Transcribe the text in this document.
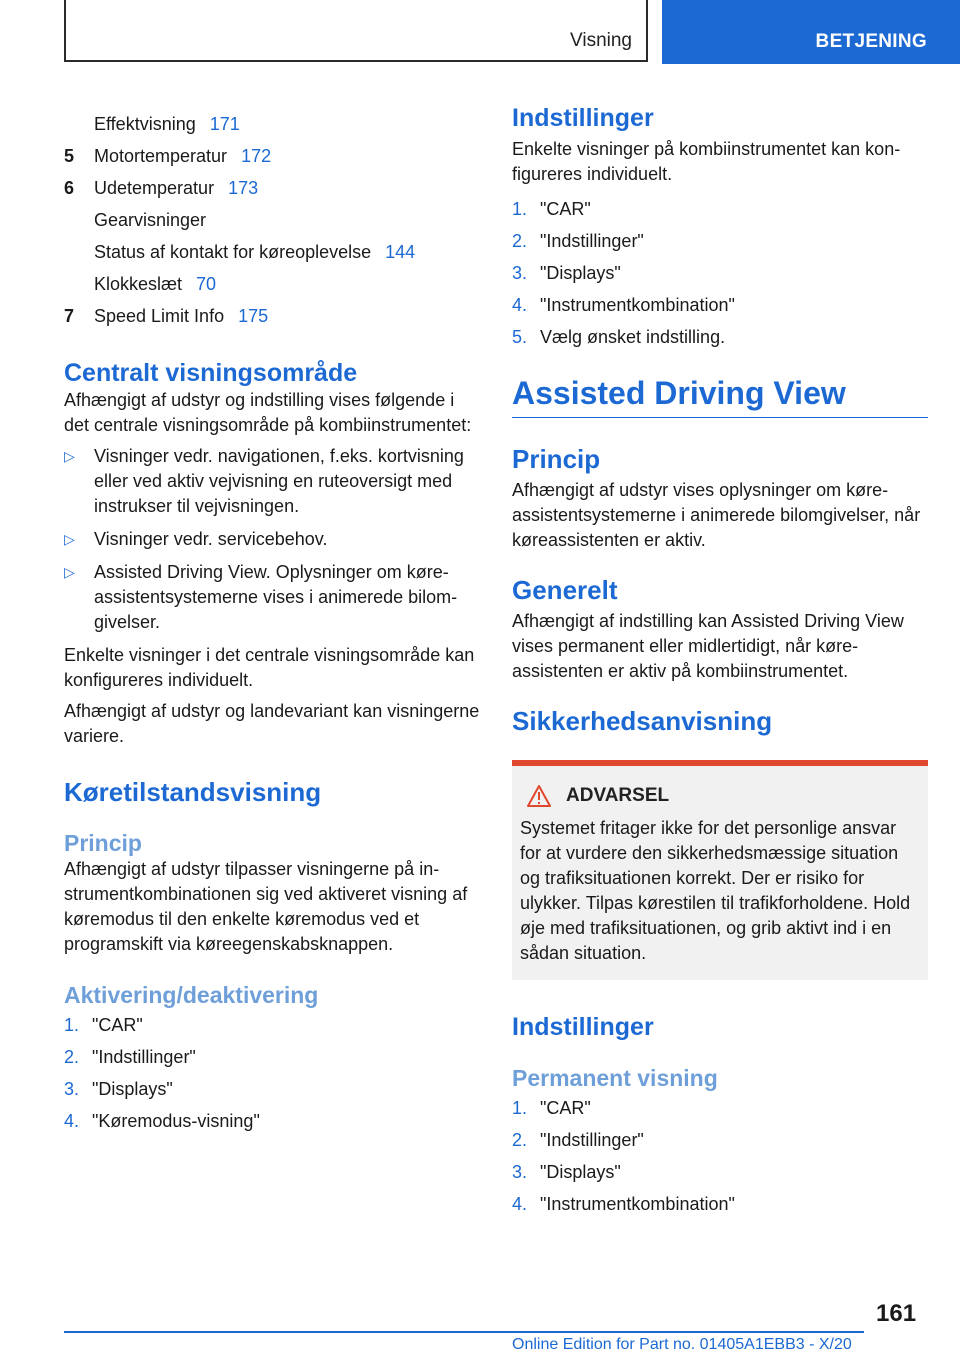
Visning	BETJENING
Effektvisning 171
5 Motortemperatur 172
6 Udetemperatur 173
Gearvisninger
Status af kontakt for køreoplevelse 144
Klokkeslæt 70
7 Speed Limit Info 175
Centralt visningsområde

Afhængigt af udstyr og indstilling vises følgende i det centrale visningsområde på kombiinstrumentet:

▷ Visninger vedr. navigationen, f.eks. kortvisning eller ved aktiv vejvisning en ruteoversigt med instrukser til vejvisningen.
▷ Visninger vedr. servicebehov.
▷ Assisted Driving View. Oplysninger om køreassistentsystemerne vises i animerede bilomgivelser.

Enkelte visninger i det centrale visningsområde kan konfigureres individuelt.

Afhængigt af udstyr og landevariant kan visningerne variere.

Køretilstandsvisning
Princip

Afhængigt af udstyr tilpasser visningerne på instrumentkombinationen sig ved aktiveret visning af køremodus til den enkelte køremodus ved et programskift via køreegenskabsknappen.

Aktivering/deaktivering
1. "CAR"
2. "Indstillinger"
3. "Displays"
4. "Køremodus-visning"
Indstillinger

Enkelte visninger på kombiinstrumentet kan konfigureres individuelt.

1. "CAR"
2. "Indstillinger"
3. "Displays"
4. "Instrumentkombination"
5. Vælg ønsket indstilling.
Assisted Driving View
Princip

Afhængigt af udstyr vises oplysninger om køreassistentsystemerne i animerede bilomgivelser, når køreassistenten er aktiv.

Generelt

Afhængigt af indstilling kan Assisted Driving View vises permanent eller midlertidigt, når køreassistenten er aktiv på kombiinstrumentet.

Sikkerhedsanvisning
ADVARSEL

Systemet fritager ikke for det personlige ansvar for at vurdere den sikkerhedsmæssige situation og trafiksituationen korrekt. Der er risiko for ulykker. Tilpas kørestilen til trafikforholdene. Hold øje med trafiksituationen, og grib aktivt ind i en sådan situation.

Indstillinger
Permanent visning
1. "CAR"
2. "Indstillinger"
3. "Displays"
4. "Instrumentkombination"
161
Online Edition for Part no. 01405A1EBB3 - X/20
